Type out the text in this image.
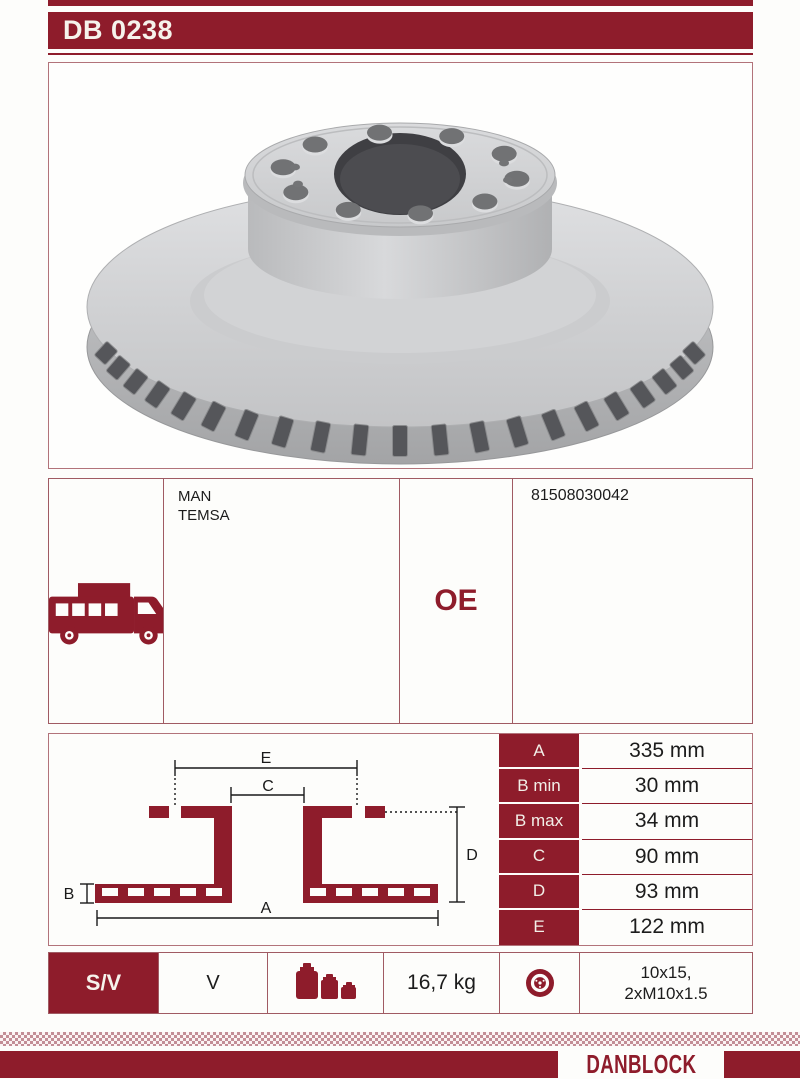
DB 0238
MAN
TEMSA
OE
81508030042
E
C
D
B
A
A	335 mm
B min	30 mm
B max	34 mm
C	90 mm
D	93 mm
E	122 mm
S/V	V	16,7 kg	10x15,
2xM10x1.5
DANBLOCK
